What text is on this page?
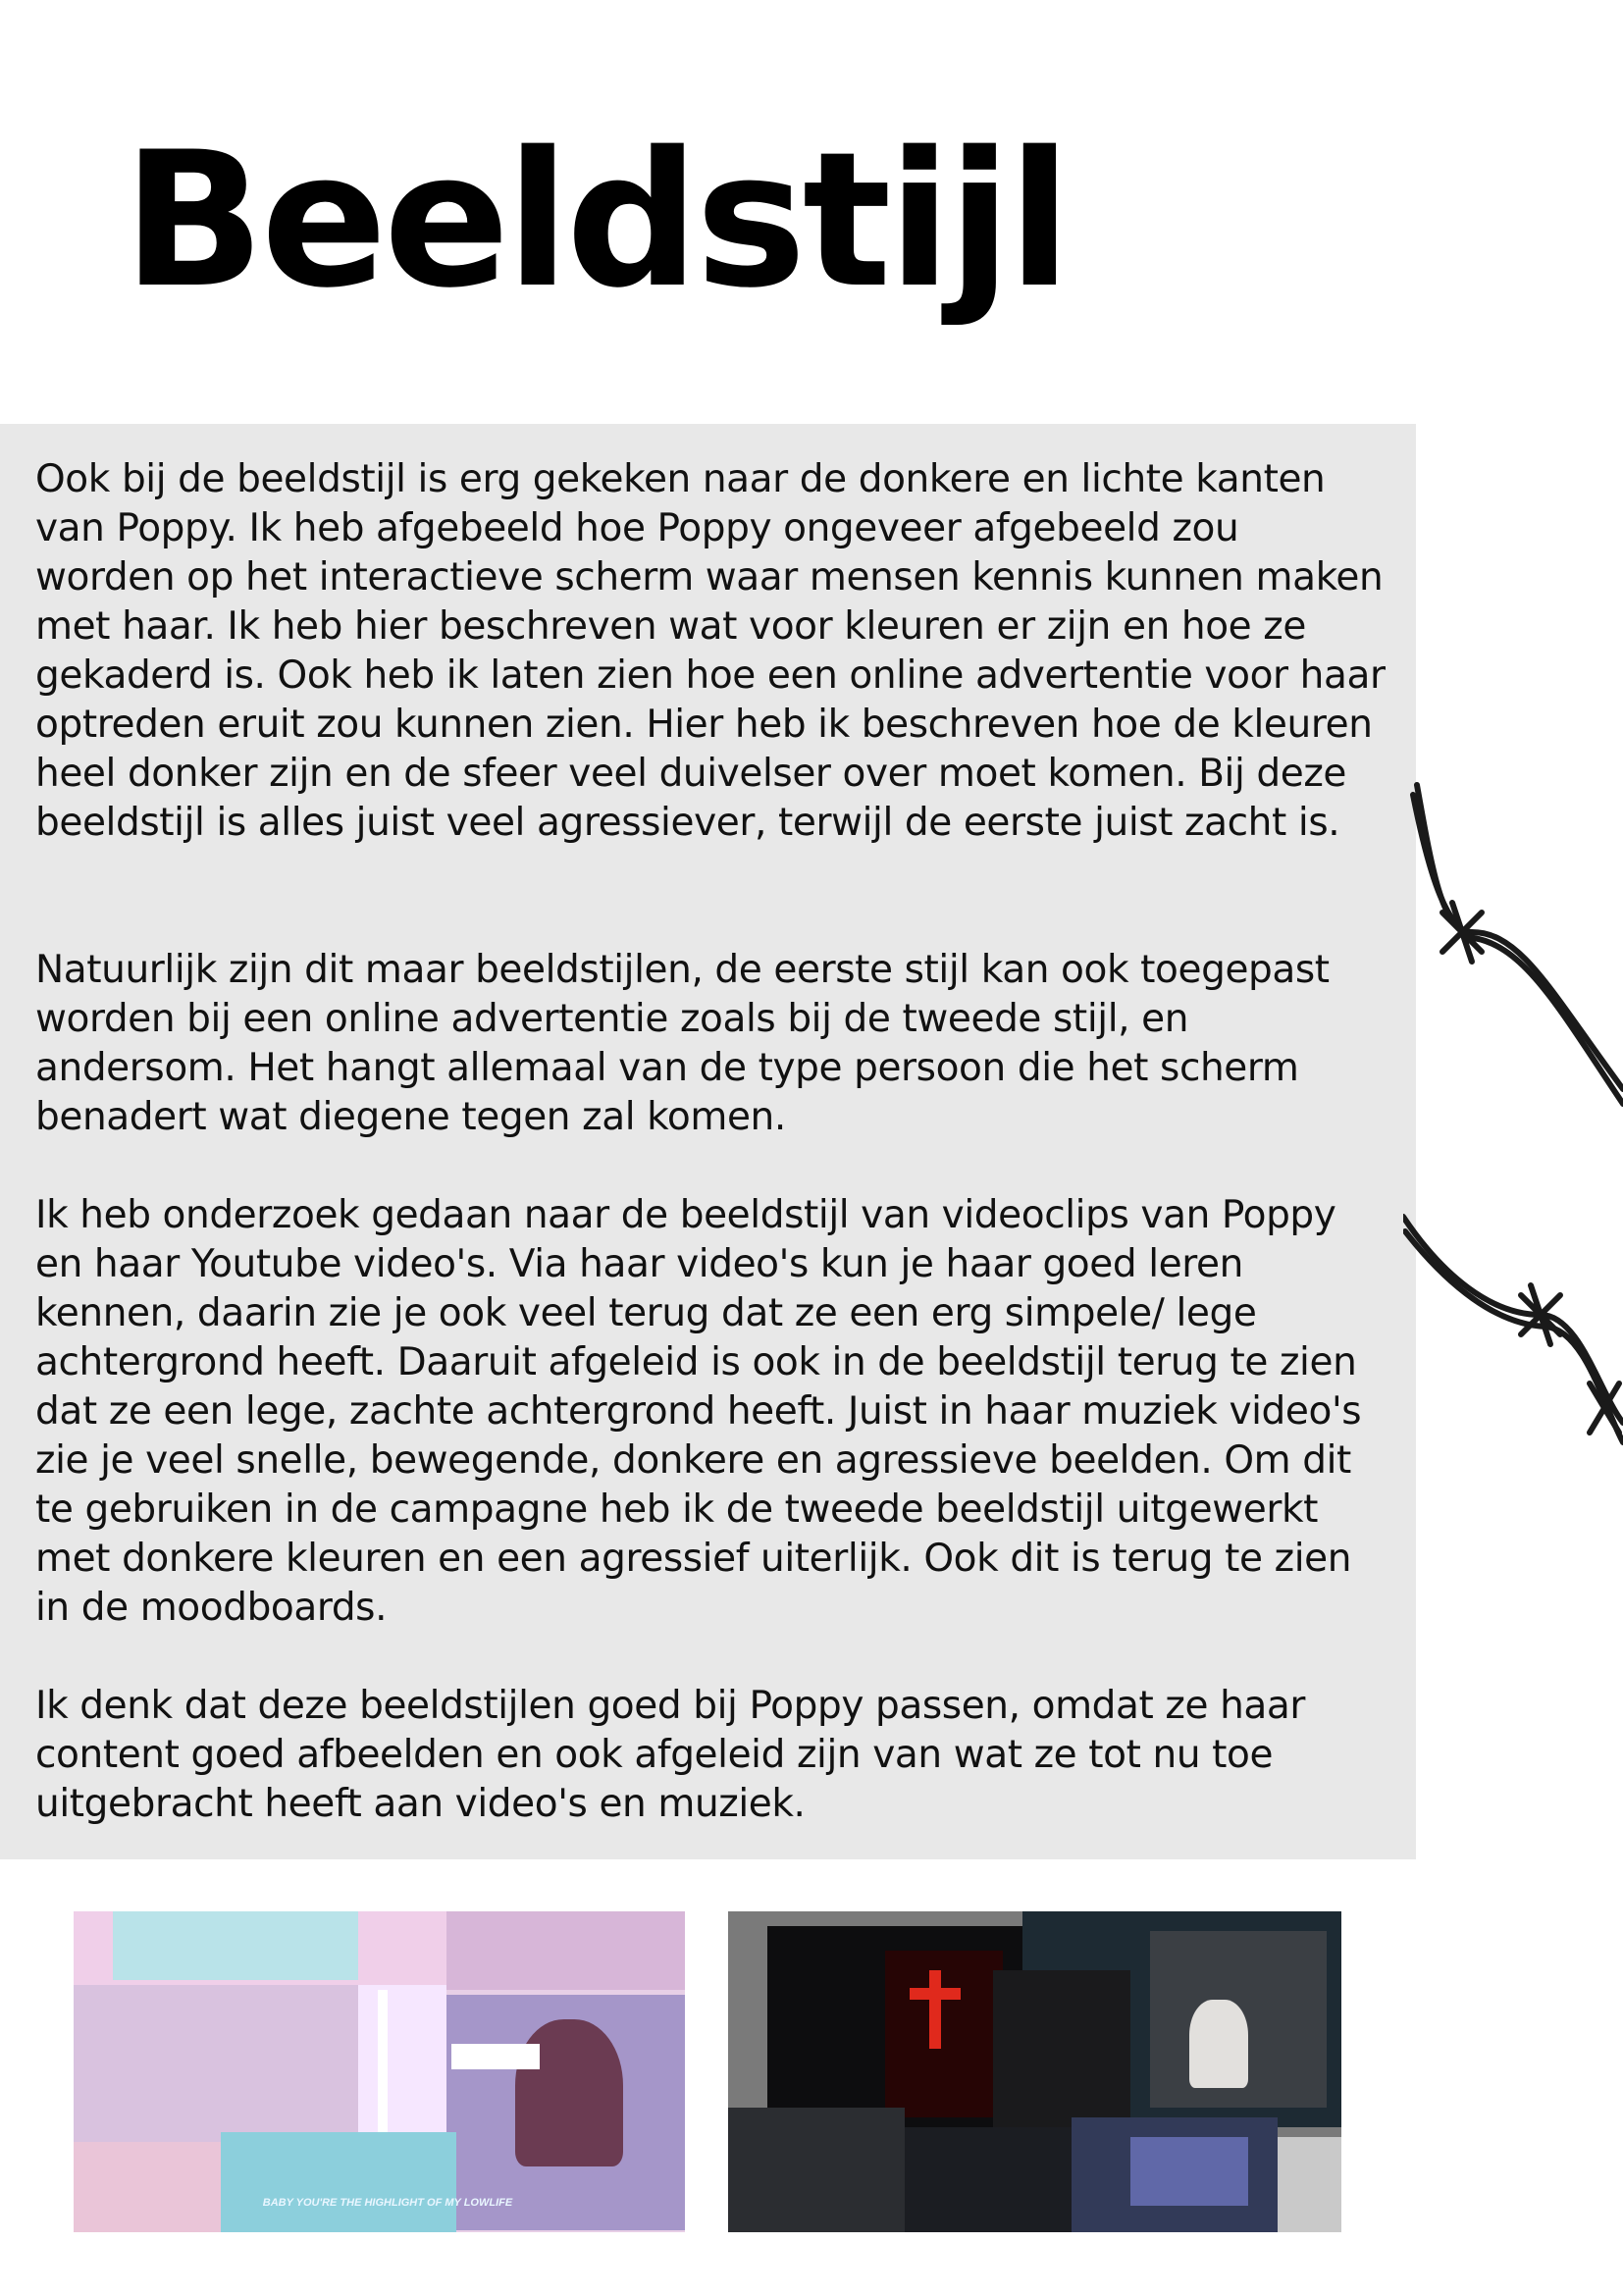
Beeldstijl

Ook bij de beeldstijl is erg gekeken naar de donkere en lichte kanten van Poppy. Ik heb afgebeeld hoe Poppy ongeveer afgebeeld zou worden op het interactieve scherm waar mensen kennis kunnen maken met haar. Ik heb hier beschreven wat voor kleuren er zijn en hoe ze gekaderd is. Ook heb ik laten zien hoe een online advertentie voor haar optreden eruit zou kunnen zien. Hier heb ik beschreven hoe de kleuren heel donker zijn en de sfeer veel duivelser over moet komen. Bij deze beeldstijl is alles juist veel agressiever, terwijl de eerste juist zacht is.

Natuurlijk zijn dit maar beeldstijlen, de eerste stijl kan ook toegepast worden bij een online advertentie zoals bij de tweede stijl, en andersom. Het hangt allemaal van de type persoon die het scherm benadert wat diegene tegen zal komen.

Ik heb onderzoek gedaan naar de beeldstijl van videoclips van Poppy en haar Youtube video's. Via haar video's kun je haar goed leren kennen, daarin zie je ook veel terug dat ze een erg simpele/ lege achtergrond heeft. Daaruit afgeleid is ook in de beeldstijl terug te zien dat ze een lege, zachte achtergrond heeft. Juist in haar muziek video's zie je veel snelle, bewegende, donkere en agressieve beelden. Om dit te gebruiken in de campagne heb ik de tweede beeldstijl uitgewerkt met donkere kleuren en een agressief uiterlijk. Ook dit is terug te zien in de moodboards.

Ik denk dat deze beeldstijlen goed bij Poppy passen, omdat ze haar content goed afbeelden en ook afgeleid zijn van wat ze tot nu toe uitgebracht heeft aan video's en muziek.

BABY YOU'RE THE HIGHLIGHT OF MY LOWLIFE
